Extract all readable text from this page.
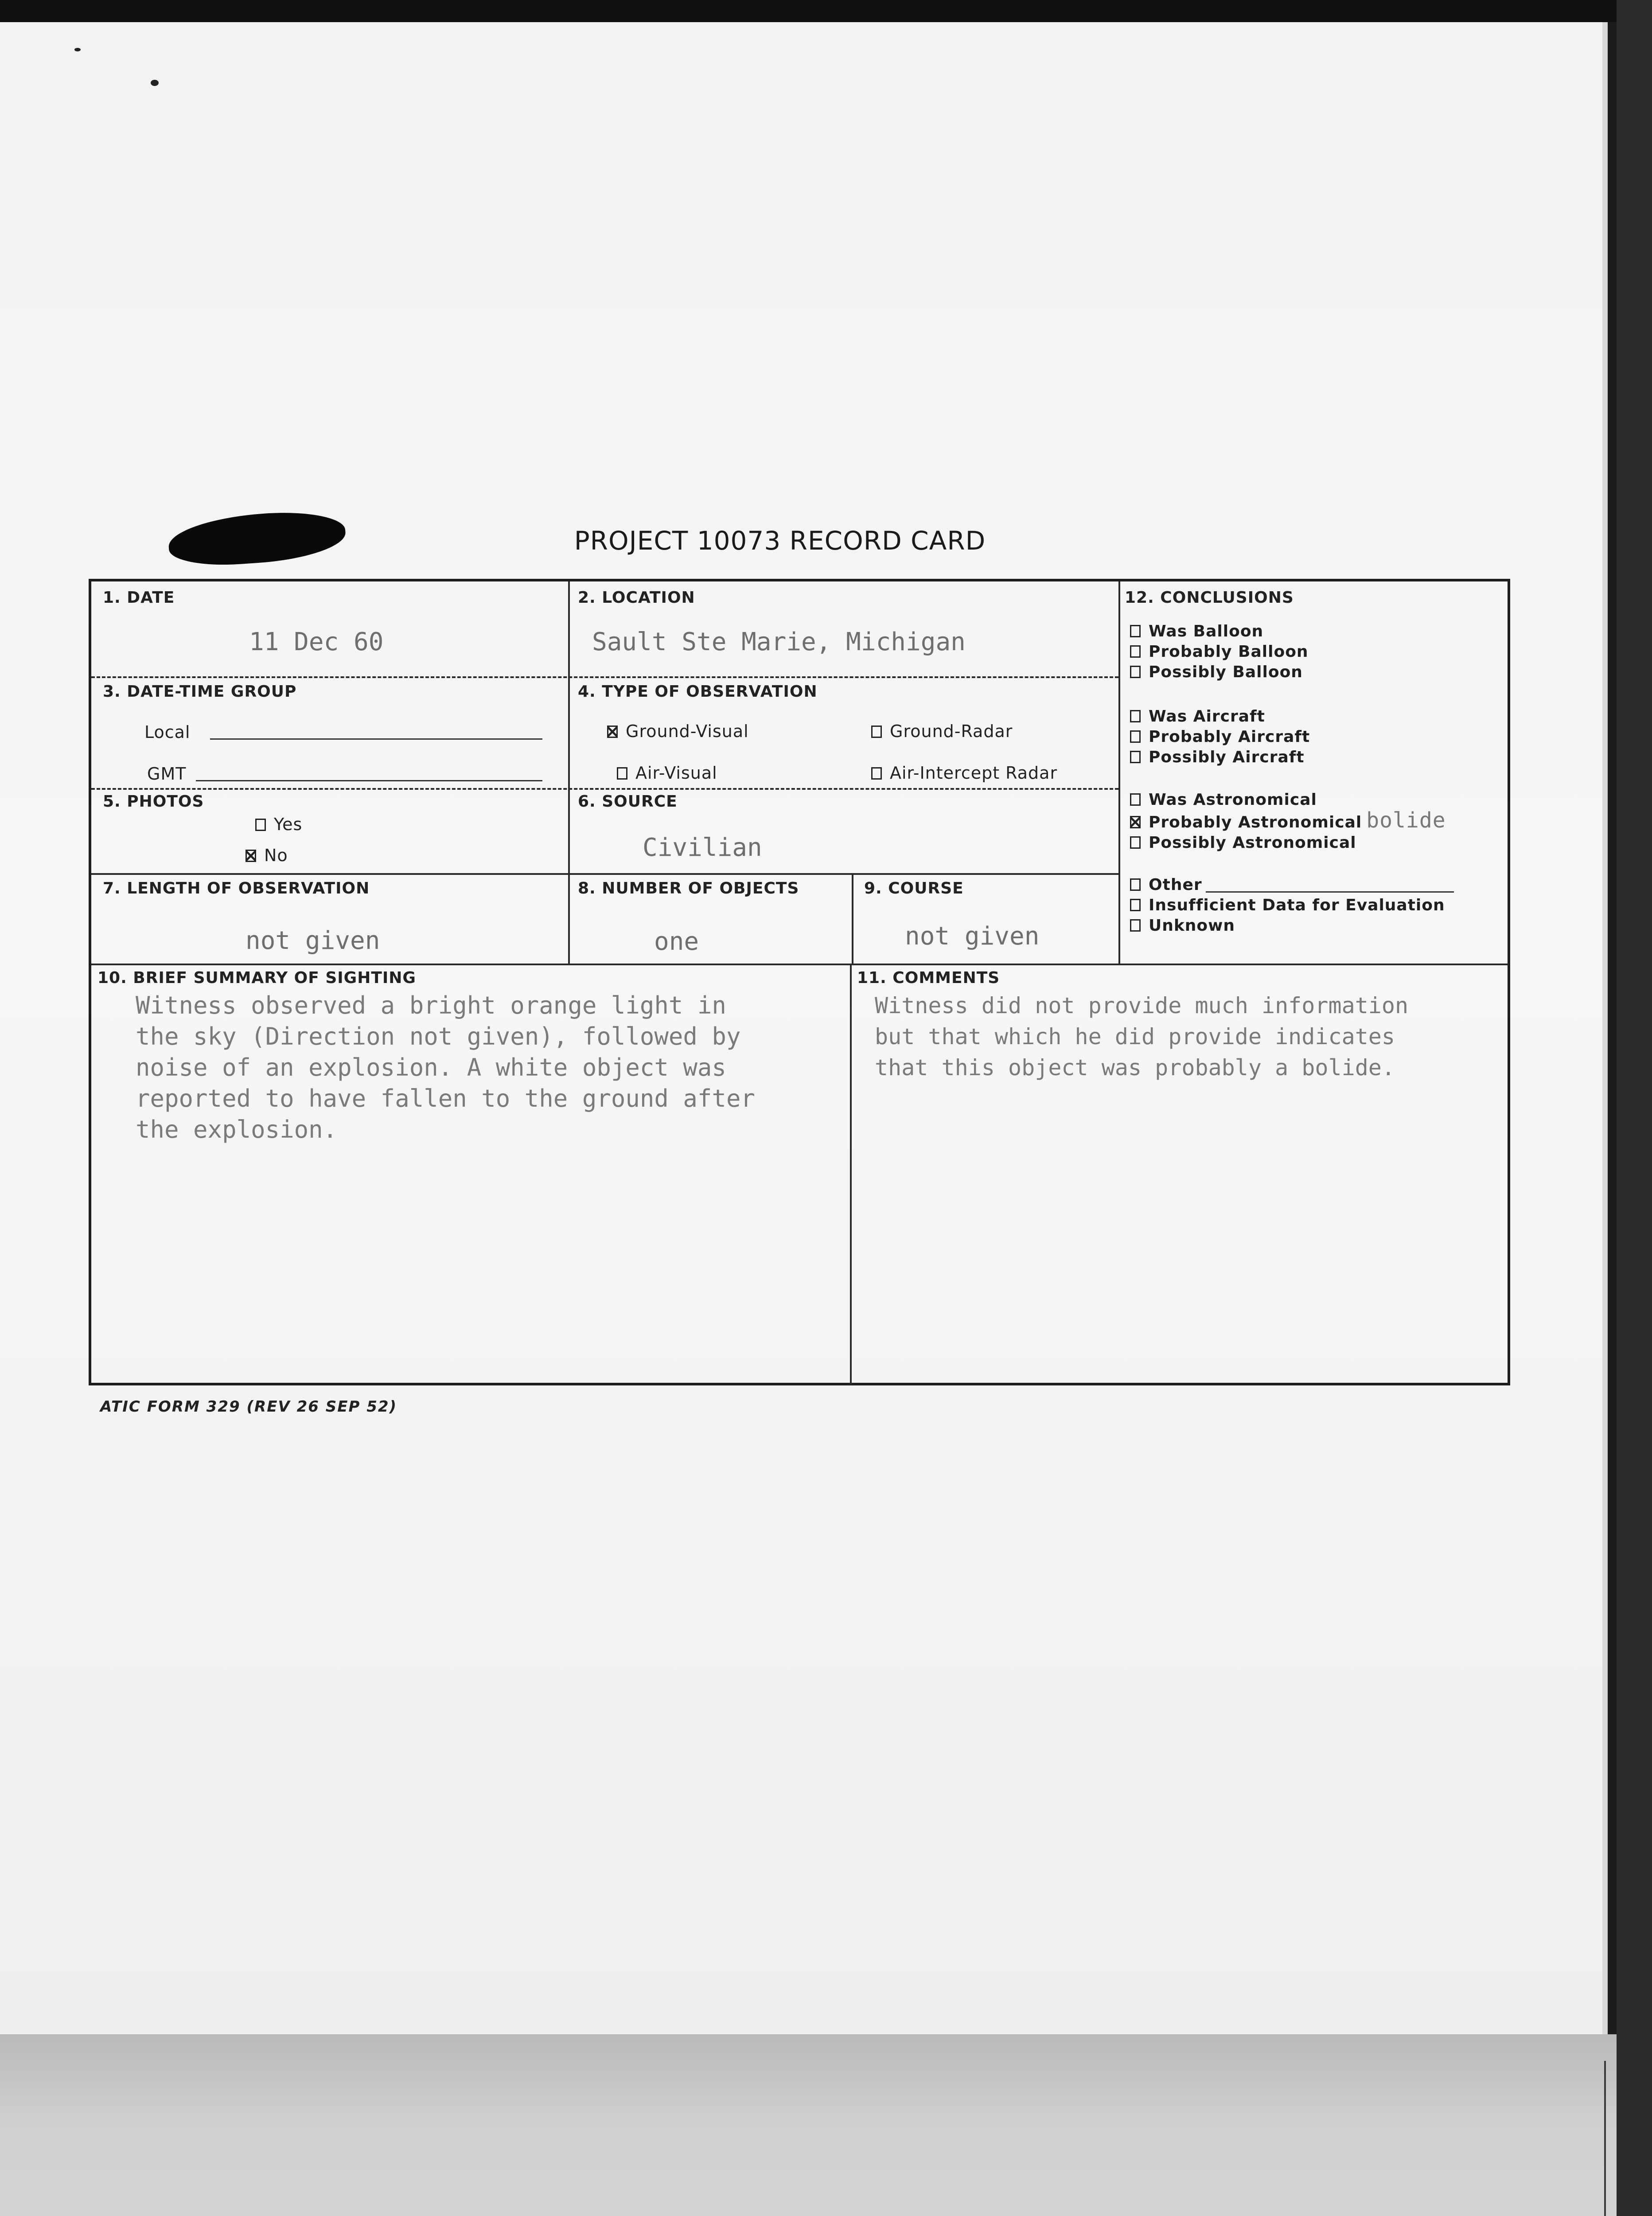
PROJECT 10073 RECORD CARD
1. DATE
11 Dec 60
2. LOCATION
Sault Ste Marie, Michigan
3. DATE-TIME GROUP
Local
GMT
4. TYPE OF OBSERVATION
Ground-Visual	Ground-Radar
Air-Visual	Air-Intercept Radar
5. PHOTOS
Yes
No
6. SOURCE
Civilian
7. LENGTH OF OBSERVATION
not given
8. NUMBER OF OBJECTS
one
9. COURSE
not given
10. BRIEF SUMMARY OF SIGHTING
Witness observed a bright orange light in
the sky (Direction not given), followed by
noise of an explosion. A white object was
reported to have fallen to the ground after
the explosion.
11. COMMENTS
Witness did not provide much information
but that which he did provide indicates
that this object was probably a bolide.
12. CONCLUSIONS
Was Balloon
Probably Balloon
Possibly Balloon
Was Aircraft
Probably Aircraft
Possibly Aircraft
Was Astronomical
Probably Astronomical bolide
Possibly Astronomical
Other
Insufficient Data for Evaluation
Unknown
ATIC FORM 329 (REV 26 SEP 52)
